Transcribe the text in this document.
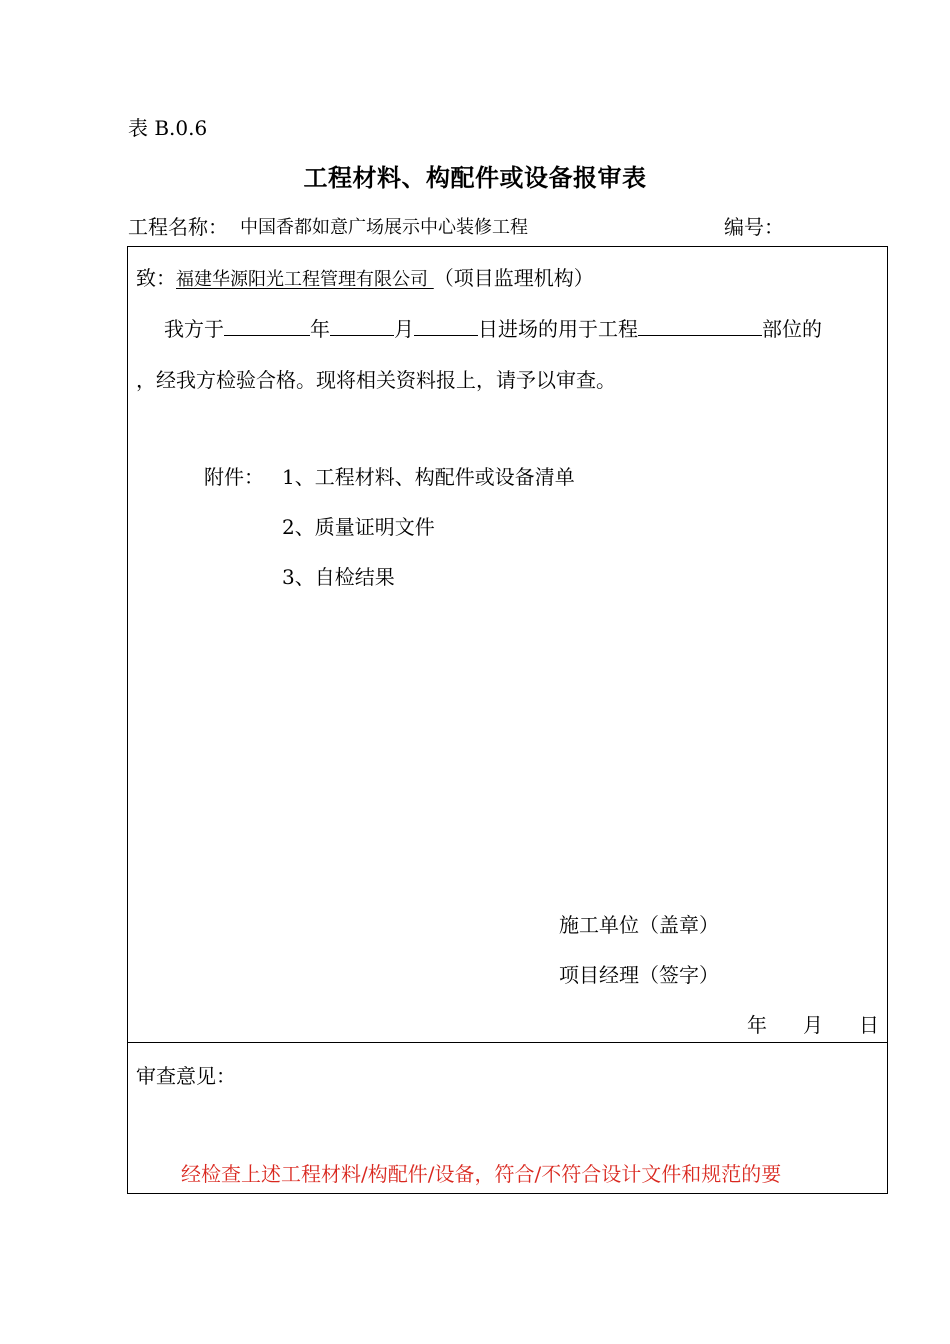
表 B.0.6
工程材料、构配件或设备报审表
工程名称： 中国香都如意广场展示中心装修工程	编号：
致：福建华源阳光工程管理有限公司 （项目监理机构）
我方于	年	月	日进场的用于工程	部位的
，经我方检验合格。现将相关资料报上，请予以审查。
附件： 1、工程材料、构配件或设备清单
2、质量证明文件
3、自检结果
施工单位（盖章）
项目经理（签字）
年 月 日
审查意见：
经检查上述工程材料/构配件/设备，符合/不符合设计文件和规范的要
